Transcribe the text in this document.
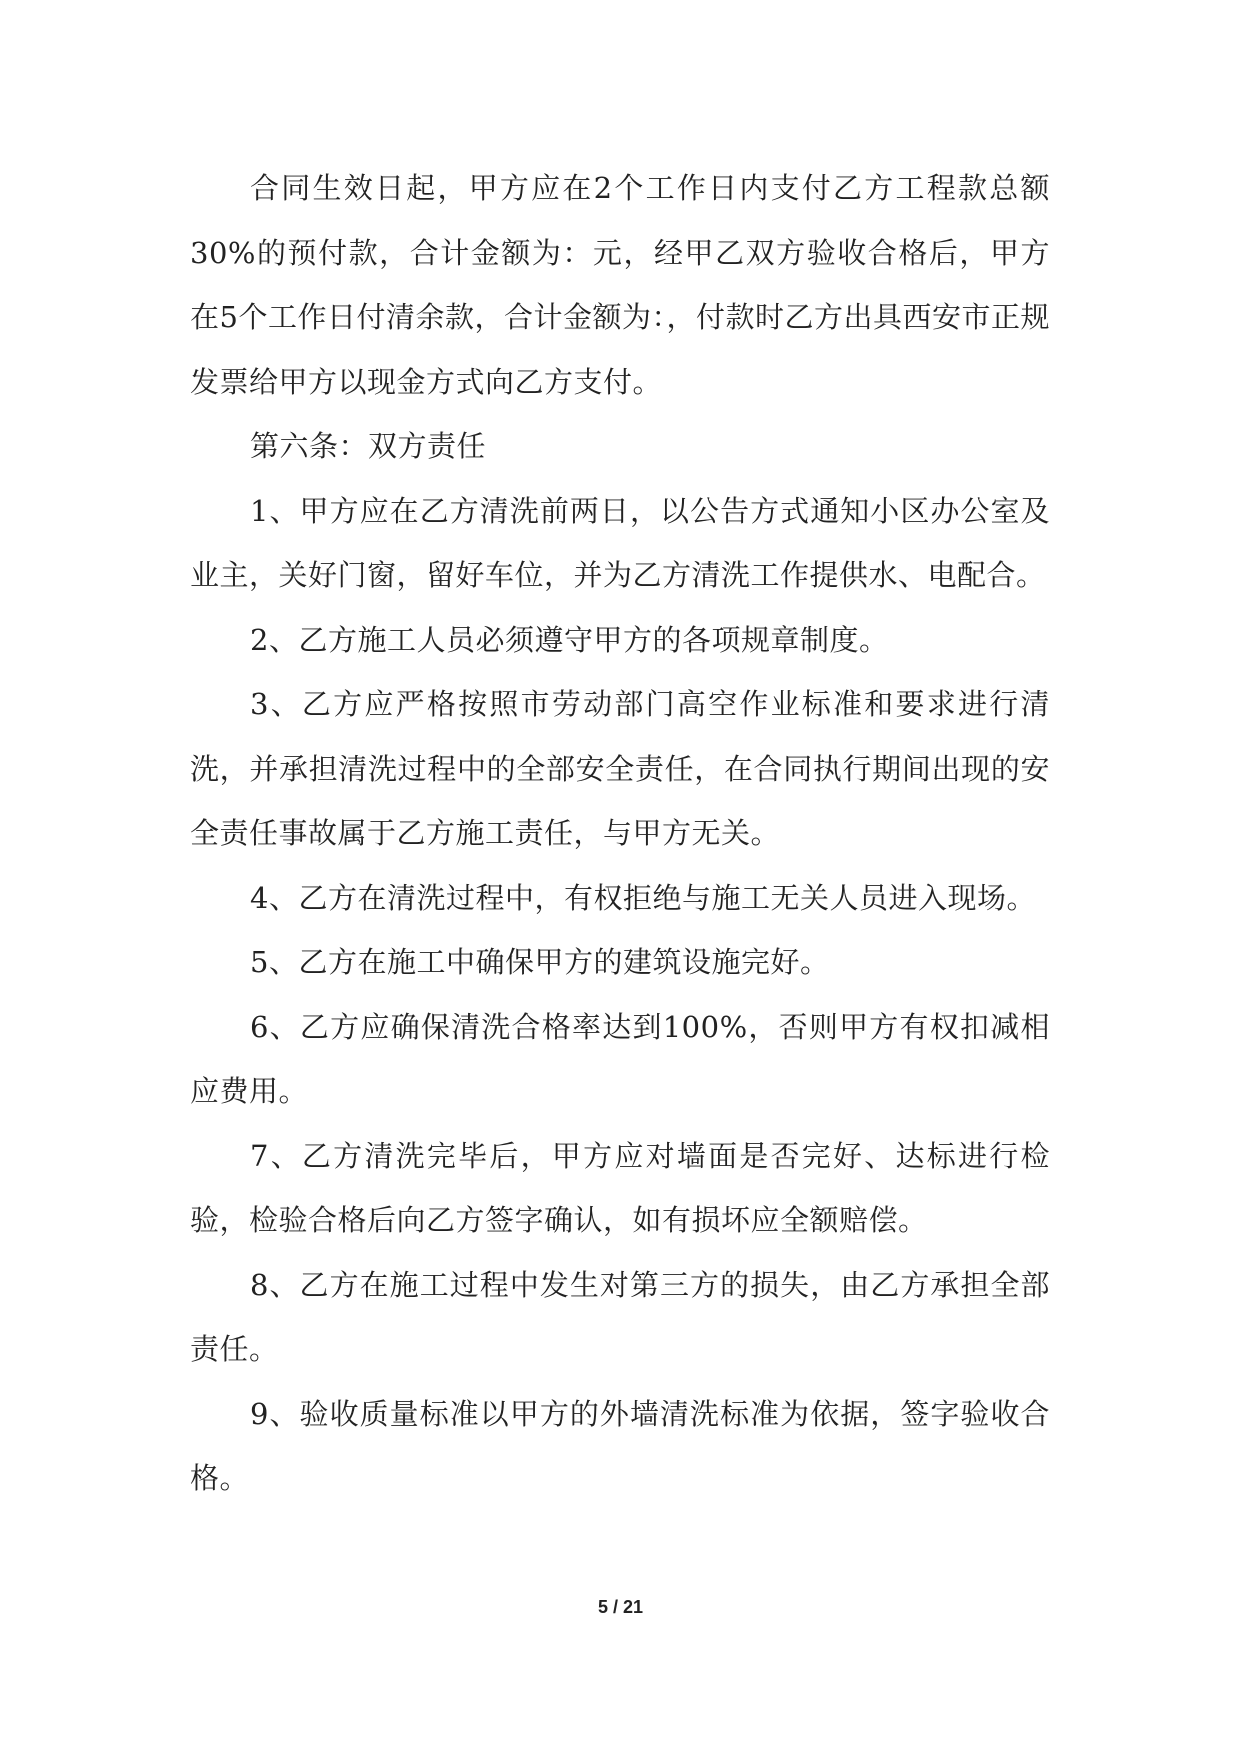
合同生效日起，甲方应在2个工作日内支付乙方工程款总额30%的预付款，合计金额为：元，经甲乙双方验收合格后，甲方在5个工作日付清余款，合计金额为：，付款时乙方出具西安市正规发票给甲方以现金方式向乙方支付。

第六条：双方责任

1、甲方应在乙方清洗前两日，以公告方式通知小区办公室及业主，关好门窗，留好车位，并为乙方清洗工作提供水、电配合。

2、乙方施工人员必须遵守甲方的各项规章制度。

3、乙方应严格按照市劳动部门高空作业标准和要求进行清洗，并承担清洗过程中的全部安全责任，在合同执行期间出现的安全责任事故属于乙方施工责任，与甲方无关。

4、乙方在清洗过程中，有权拒绝与施工无关人员进入现场。

5、乙方在施工中确保甲方的建筑设施完好。

6、乙方应确保清洗合格率达到100%，否则甲方有权扣减相应费用。

7、乙方清洗完毕后，甲方应对墙面是否完好、达标进行检验，检验合格后向乙方签字确认，如有损坏应全额赔偿。

8、乙方在施工过程中发生对第三方的损失，由乙方承担全部责任。

9、验收质量标准以甲方的外墙清洗标准为依据，签字验收合格。

5 / 21
